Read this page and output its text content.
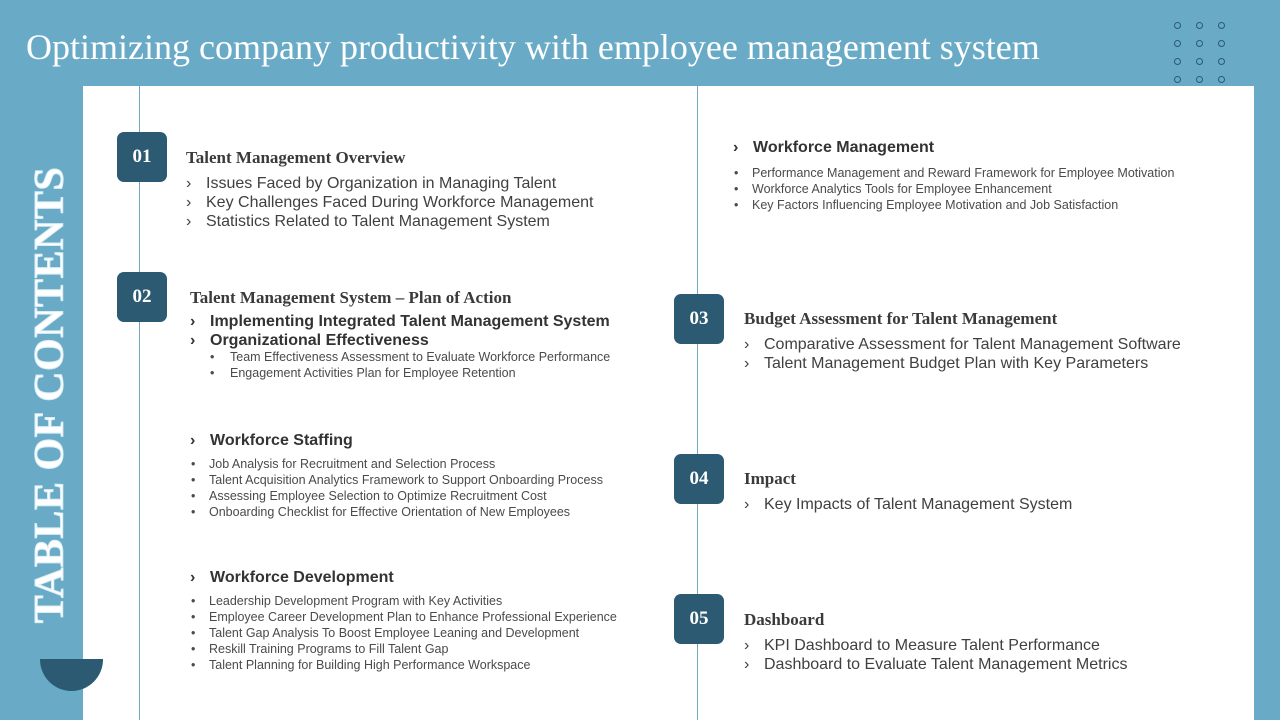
Optimizing company productivity with employee management system
TABLE OF CONTENTS
01	Talent Management Overview
› Issues Faced by Organization in Managing Talent
› Key Challenges Faced During Workforce Management
› Statistics Related to Talent Management System
02	Talent Management System – Plan of Action
› Implementing Integrated Talent Management System
› Organizational Effectiveness
• Team Effectiveness Assessment to Evaluate Workforce Performance
• Engagement Activities Plan for Employee Retention
› Workforce Staffing
• Job Analysis for Recruitment and Selection Process
• Talent Acquisition Analytics Framework to Support Onboarding Process
• Assessing Employee Selection to Optimize Recruitment Cost
• Onboarding Checklist for Effective Orientation of New Employees
› Workforce Development
• Leadership Development Program with Key Activities
• Employee Career Development Plan to Enhance Professional Experience
• Talent Gap Analysis To Boost Employee Leaning and Development
• Reskill Training Programs to Fill Talent Gap
• Talent Planning for Building High Performance Workspace
› Workforce Management
• Performance Management and Reward Framework for Employee Motivation
• Workforce Analytics Tools for Employee Enhancement
• Key Factors Influencing Employee Motivation and Job Satisfaction
03	Budget Assessment for Talent Management
› Comparative Assessment for Talent Management Software
› Talent Management Budget Plan with Key Parameters
04	Impact
› Key Impacts of Talent Management System
05	Dashboard
› KPI Dashboard to Measure Talent Performance
› Dashboard to Evaluate Talent Management Metrics
